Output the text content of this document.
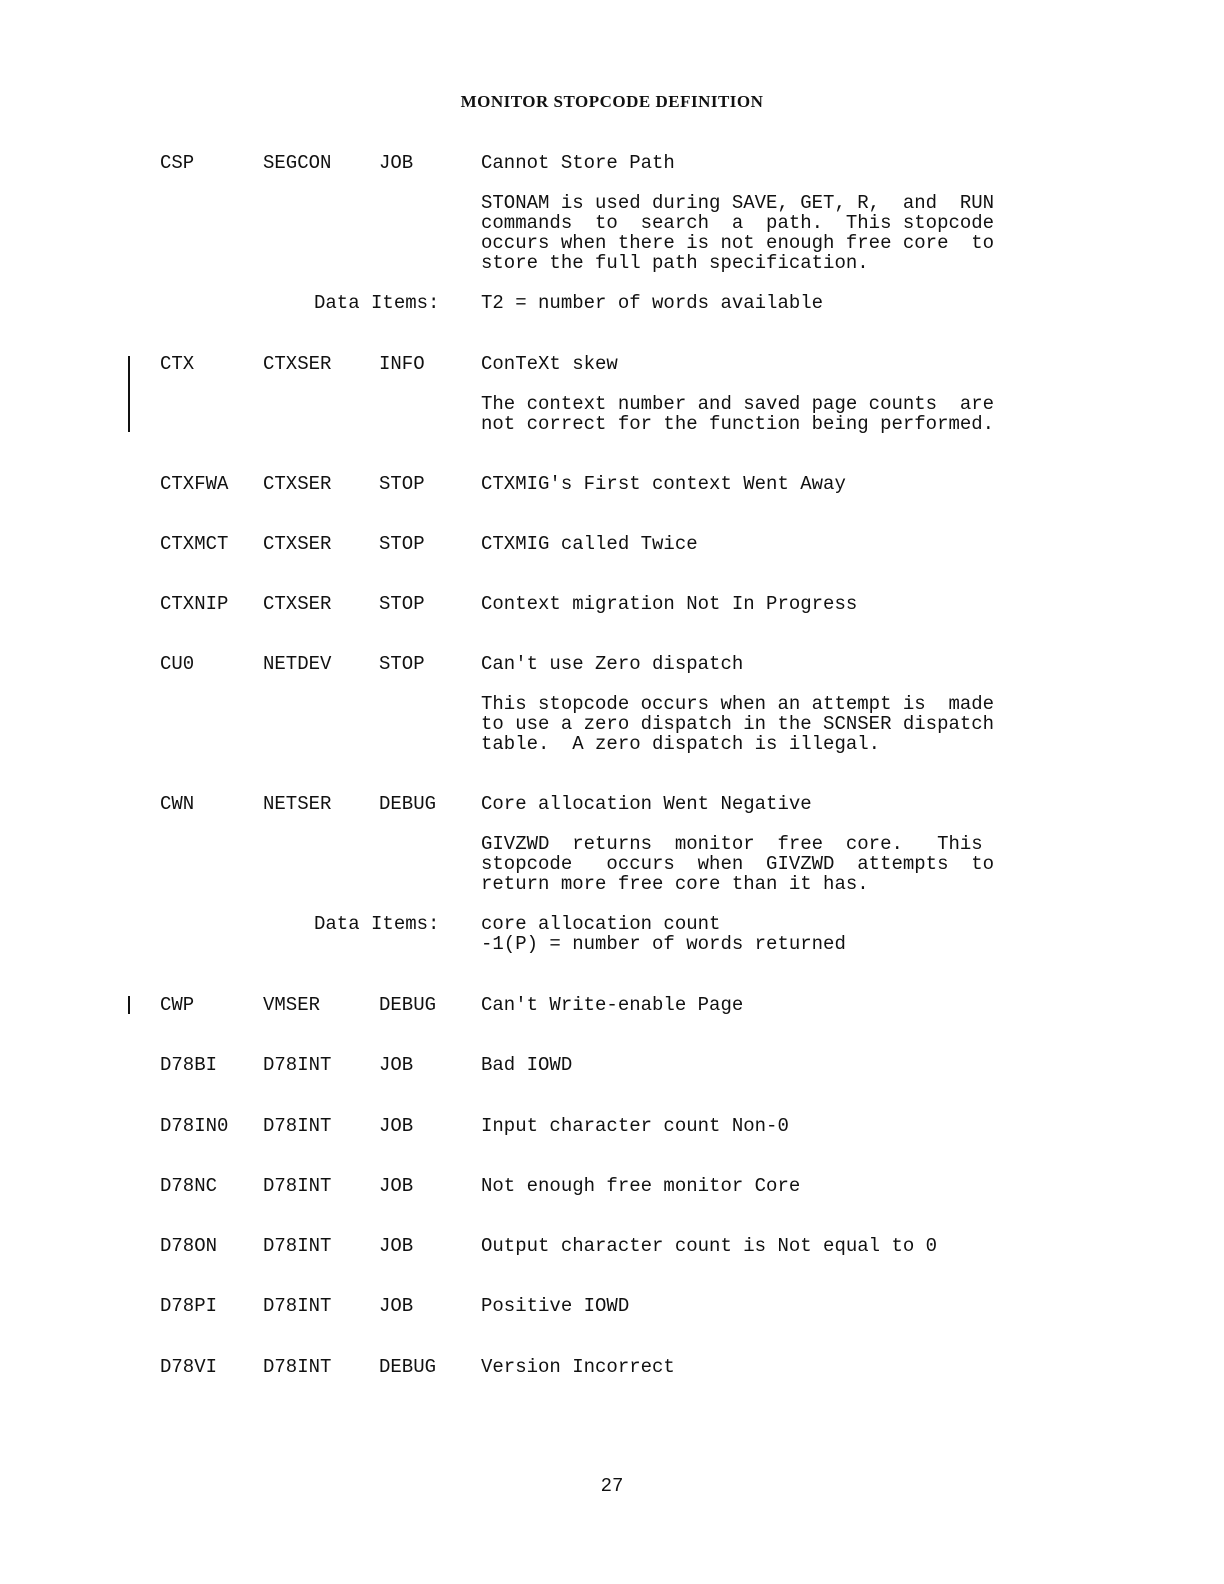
MONITOR STOPCODE DEFINITION
CSP	SEGCON	JOB	Cannot Store Path
STONAM is used during SAVE, GET, R,  and  RUN
commands  to  search  a  path.  This stopcode
occurs when there is not enough free core  to
store the full path specification.
Data Items: T2 = number of words available
CTX	CTXSER	INFO	ConTeXt skew
The context number and saved page counts  are
not correct for the function being performed.
CTXFWA CTXSER	STOP	CTXMIG's First context Went Away
CTXMCT CTXSER	STOP	CTXMIG called Twice
CTXNIP CTXSER	STOP	Context migration Not In Progress
CU0	NETDEV	STOP	Can't use Zero dispatch
This stopcode occurs when an attempt is  made
to use a zero dispatch in the SCNSER dispatch
table.  A zero dispatch is illegal.
CWN	NETSER	DEBUG Core allocation Went Negative
GIVZWD  returns  monitor  free  core.   This
stopcode   occurs  when  GIVZWD  attempts  to
return more free core than it has.
Data Items: core allocation count
-1(P) = number of words returned
CWP	VMSER	DEBUG Can't Write-enable Page
D78BI D78INT	JOB	Bad IOWD
D78IN0 D78INT	JOB	Input character count Non-0
D78NC D78INT	JOB	Not enough free monitor Core
D78ON D78INT	JOB	Output character count is Not equal to 0
D78PI D78INT	JOB	Positive IOWD
D78VI D78INT	DEBUG Version Incorrect
27
